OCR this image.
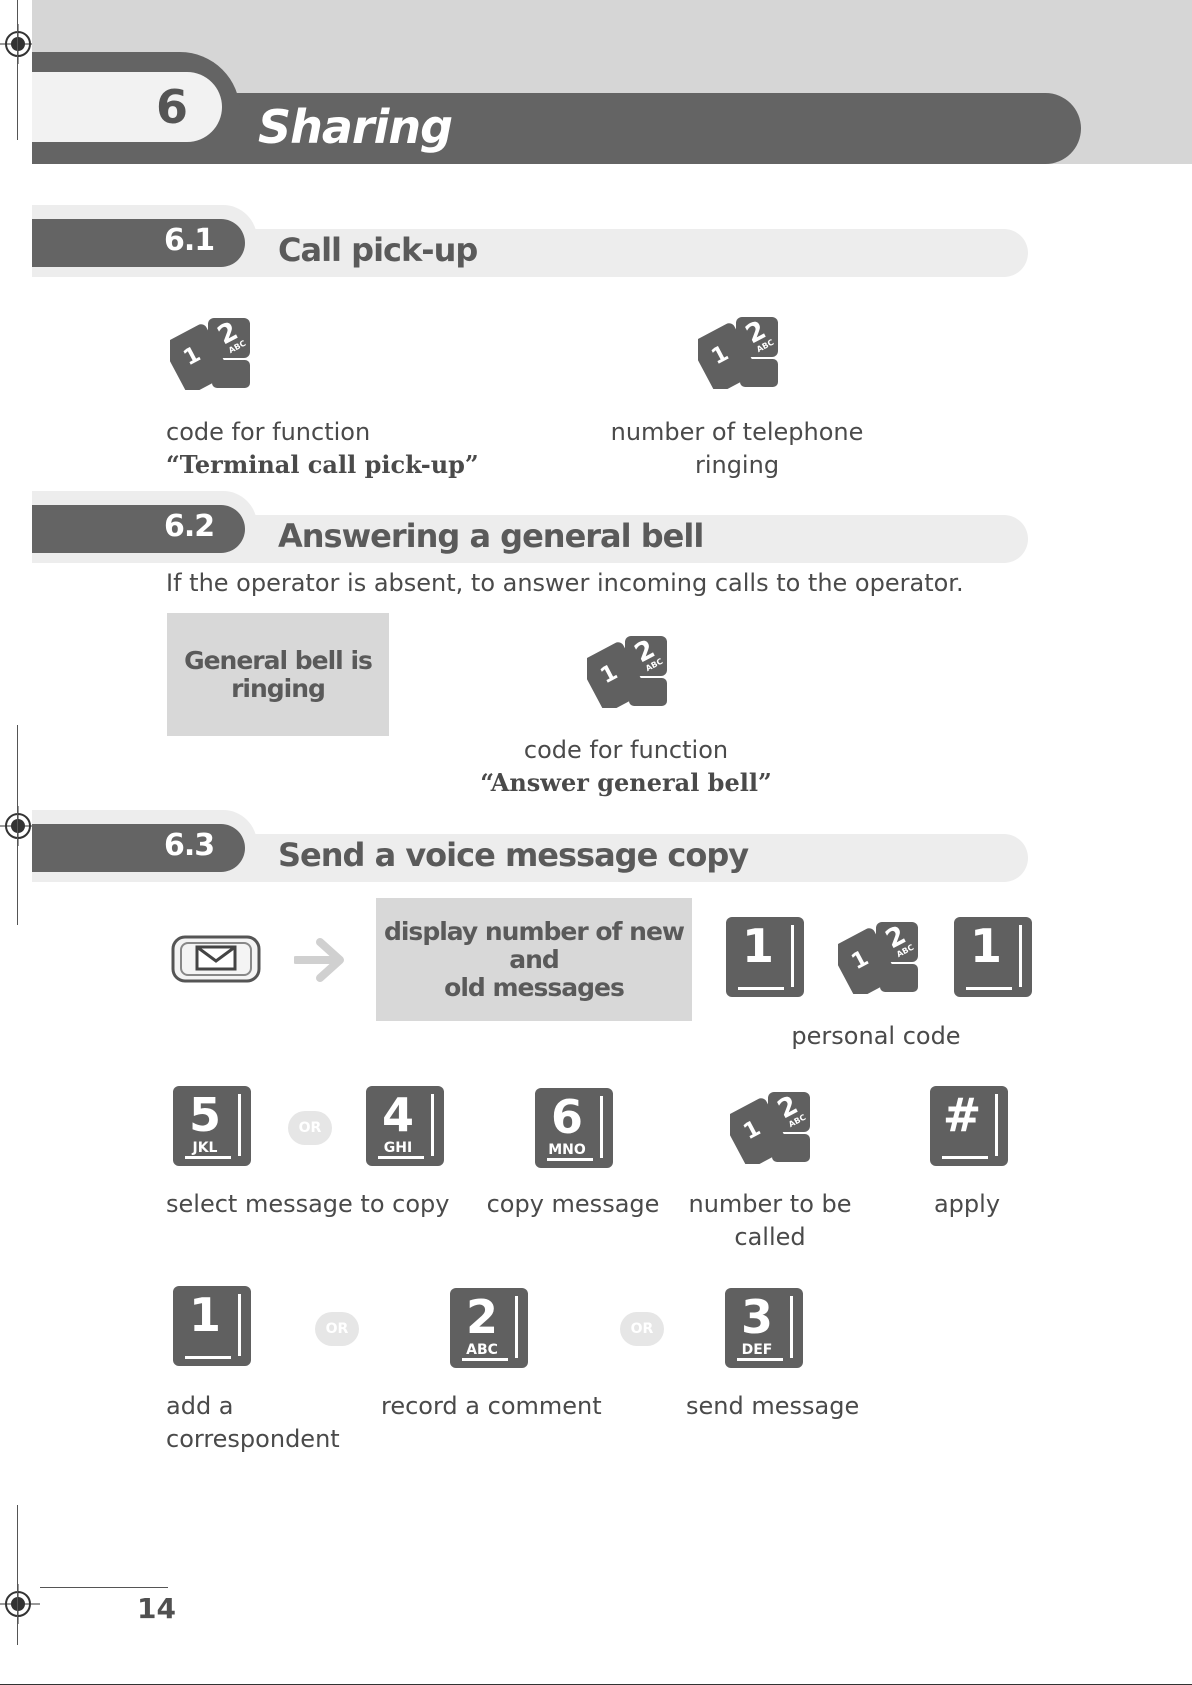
6 Sharing
6.1 Call pick-up
code for function
“Terminal call pick-up”
number of telephone
ringing
6.2 Answering a general bell
If the operator is absent, to answer incoming calls to the operator.
General bell is
ringing
code for function
“Answer general bell”
6.3 Send a voice message copy
display number of new and
old messages
1	1
personal code
5
JKL
OR	4
GHI
6
MNO
#
select message to copy copy message	number to be
called
apply
1	OR	2
ABC
OR	3
DEF
add a
correspondent
record a comment	send message
14
